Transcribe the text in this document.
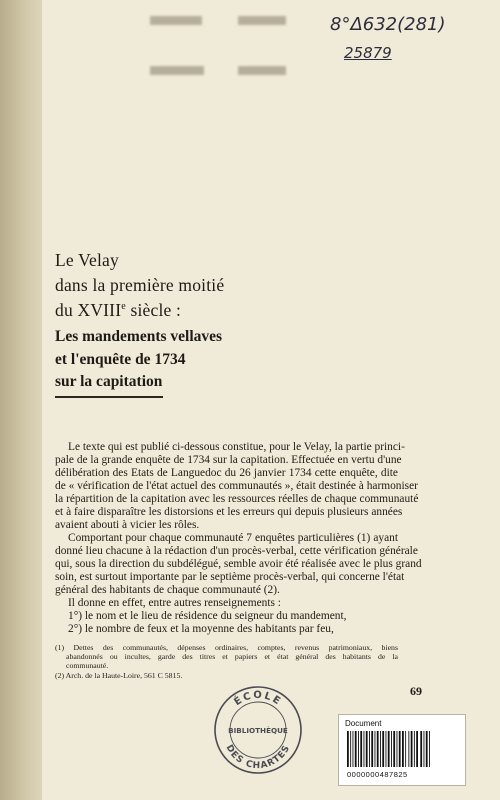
8°Δ632(281)
25879
Le Velay
dans la première moitié
du XVIIIe siècle :
Les mandements vellaves
et l'enquête de 1734
sur la capitation
Le texte qui est publié ci-dessous constitue, pour le Velay, la partie princi-
pale de la grande enquête de 1734 sur la capitation. Effectuée en vertu d'une
délibération des Etats de Languedoc du 26 janvier 1734 cette enquête, dite
de « vérification de l'état actuel des communautés », était destinée à harmoniser
la répartition de la capitation avec les ressources réelles de chaque communauté
et à faire disparaître les distorsions et les erreurs qui depuis plusieurs années
avaient abouti à vicier les rôles.
Comportant pour chaque communauté 7 enquêtes particulières (1) ayant
donné lieu chacune à la rédaction d'un procès-verbal, cette vérification générale
qui, sous la direction du subdélégué, semble avoir été réalisée avec le plus grand
soin, est surtout importante par le septième procès-verbal, qui concerne l'état
général des habitants de chaque communauté (2).
Il donne en effet, entre autres renseignements :
1°) le nom et le lieu de résidence du seigneur du mandement,
2°) le nombre de feux et la moyenne des habitants par feu,
(1) Dettes des communautés, dépenses ordinaires, comptes, revenus patrimoniaux, biens
abandonnés ou incultes, garde des titres et papiers et état général des habitants de la
communauté.
(2) Arch. de la Haute-Loire, 561 C 5815.
69
ÉCOLE
BIBLIOTHÈQUE
DES CHARTES
Document
0000000487825
